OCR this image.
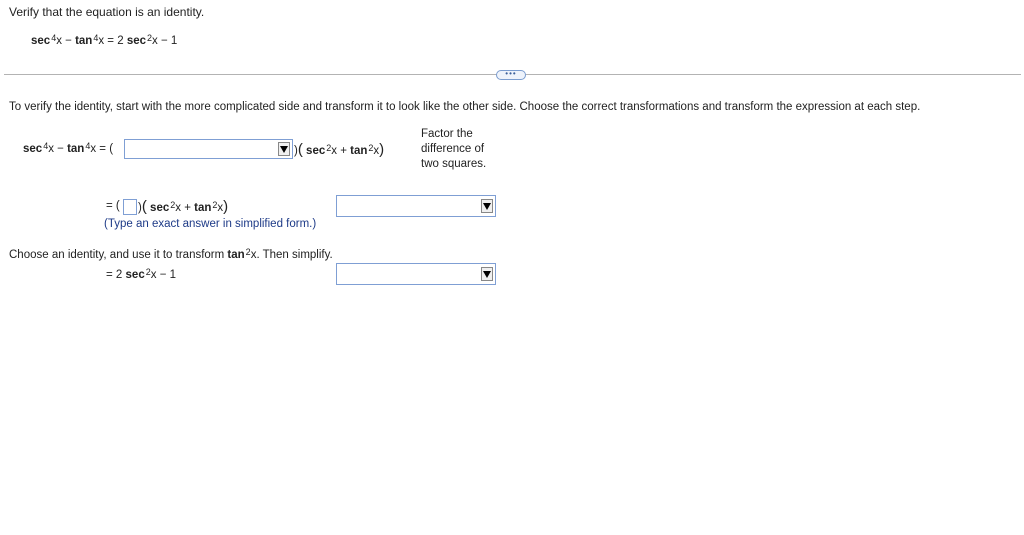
Verify that the equation is an identity.
$\sec^4x - \tan^4x = 2$ $\sec^2x - 1$
•••
To verify the identity, start with the more complicated side and transform it to look like the other side. Choose the correct transformations and transform the expression at each step.
$\sec^4x - \tan^4x$ = (	)( $\sec^2x + \tan^2x$)
Factor the
difference of
two squares.
= ( )( $\sec^2x + \tan^2x$)
(Type an exact answer in simplified form.)
Choose an identity, and use it to transform $\tan^2x$. Then simplify.
= 2 $\sec^2x - 1$
